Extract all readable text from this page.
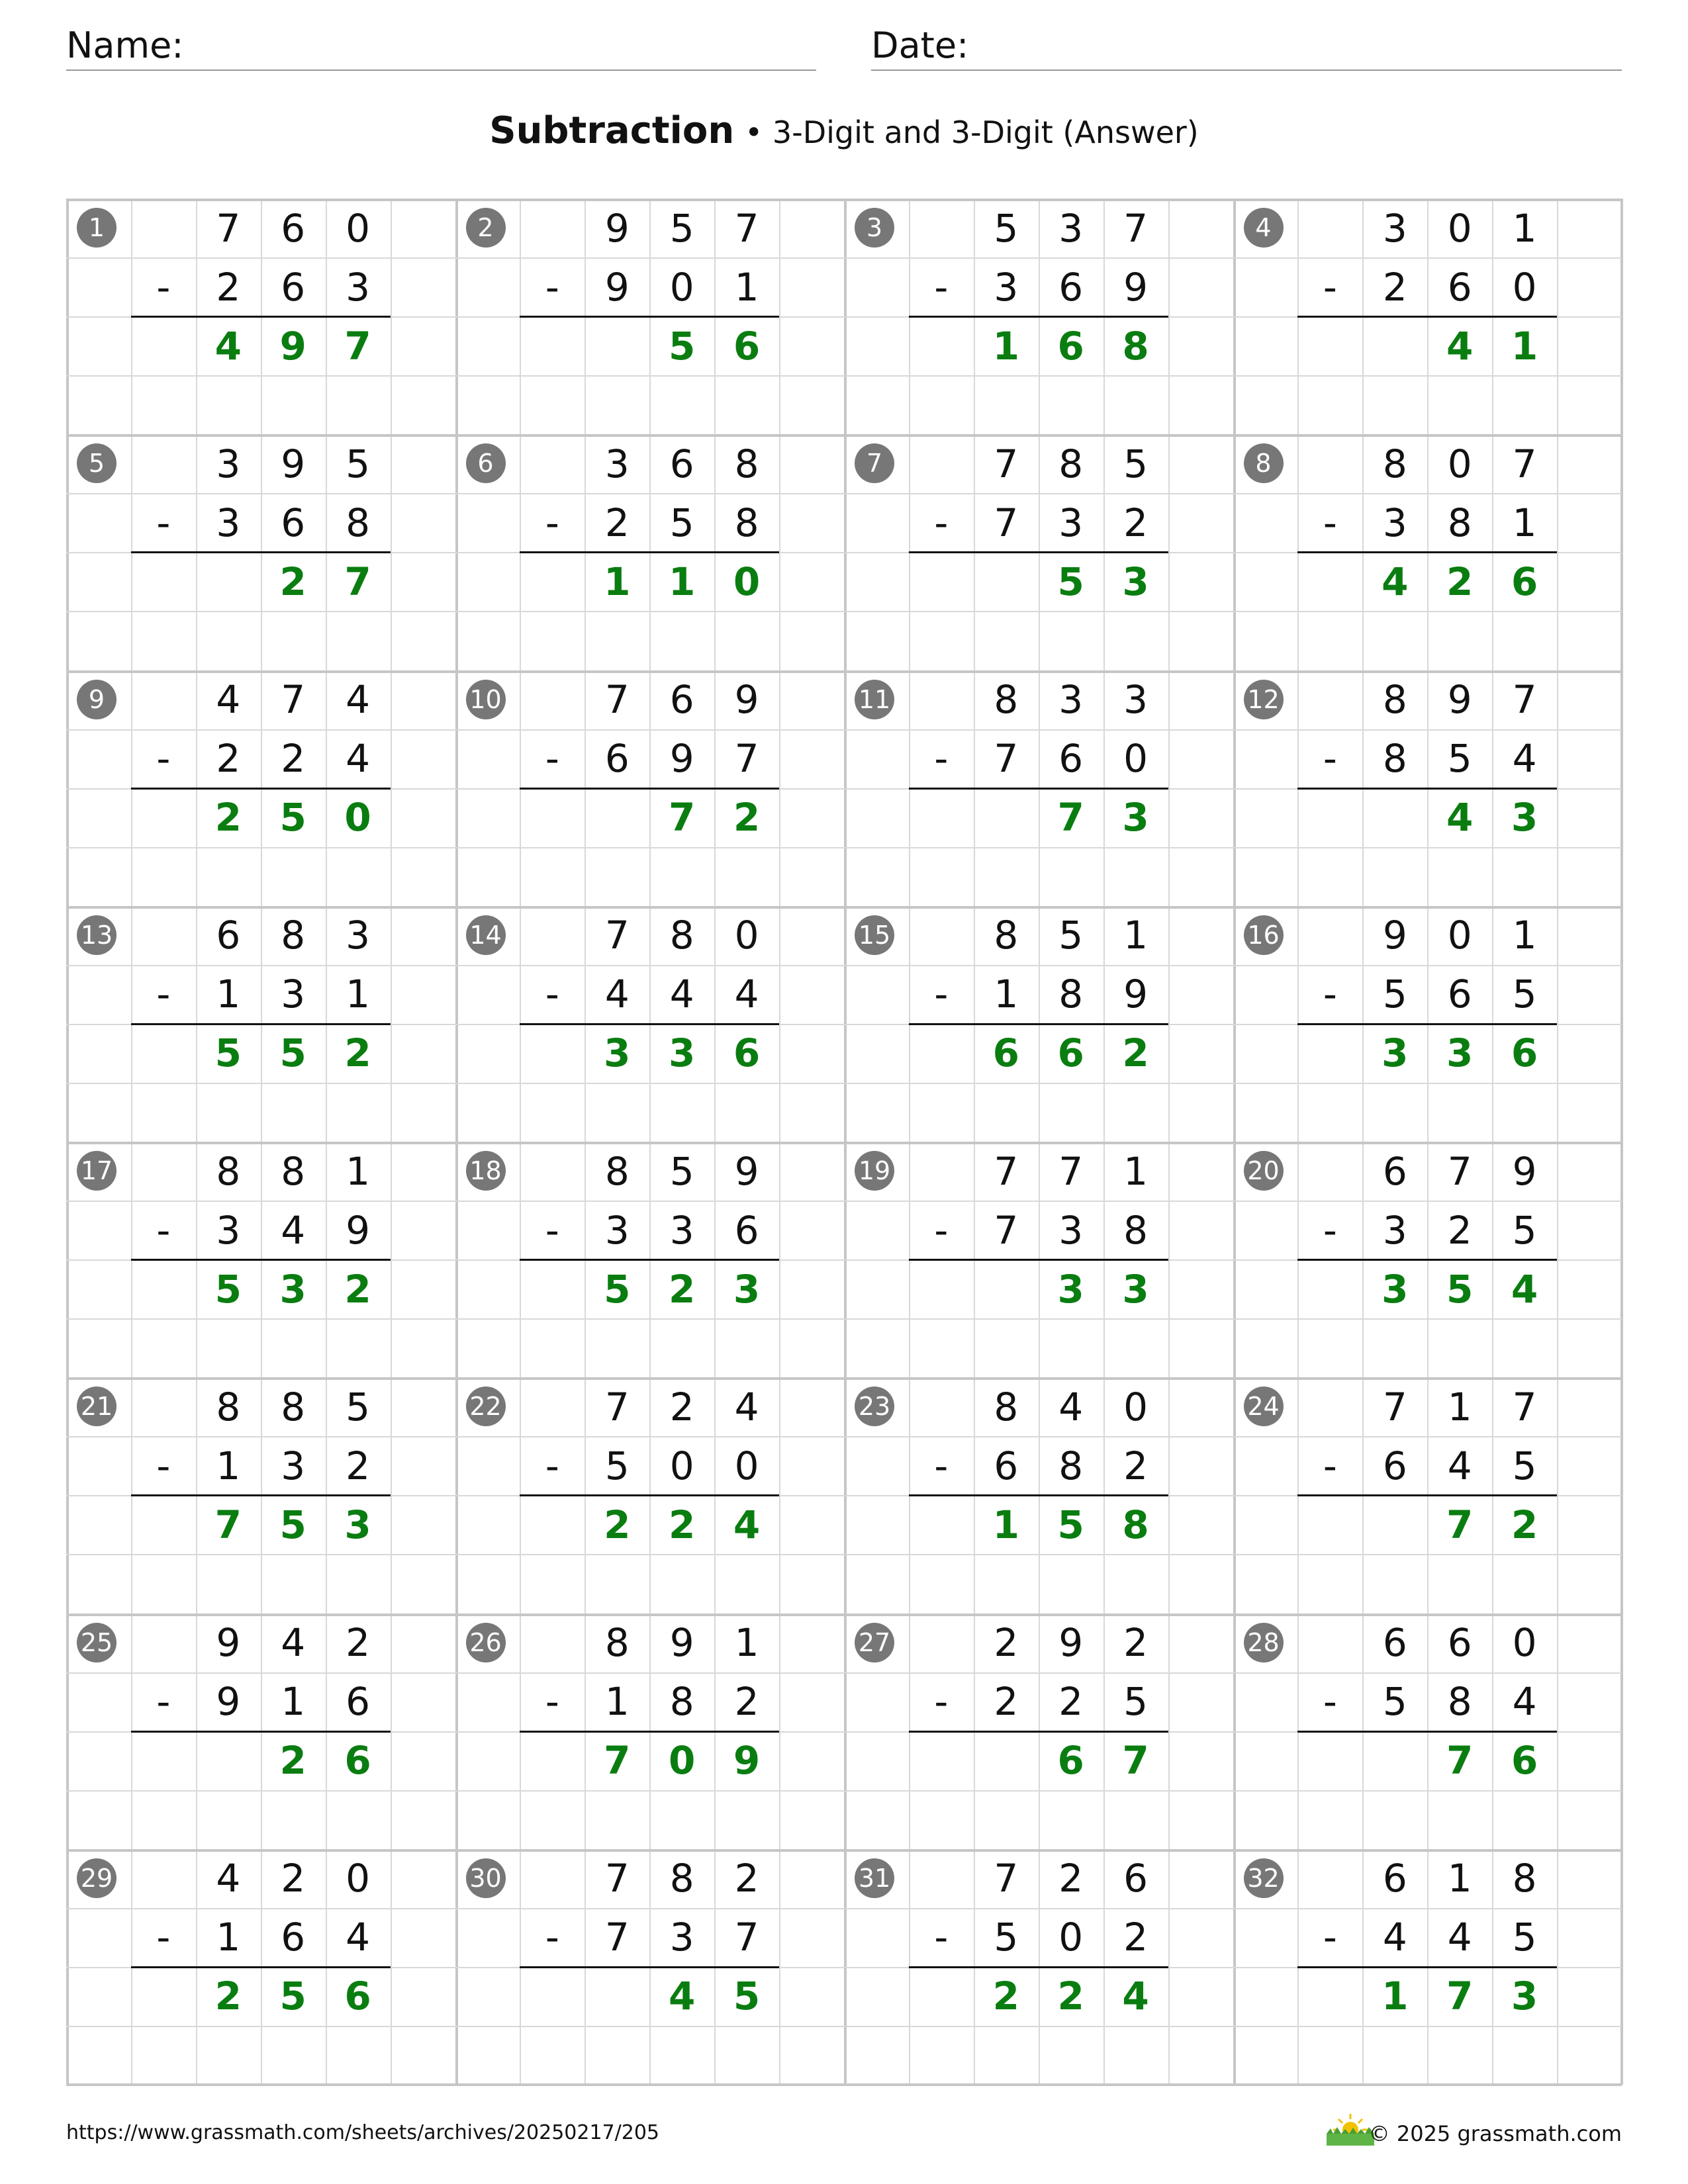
Name:	Date:
Subtraction • 3-Digit and 3-Digit (Answer)
1	7	6	0
-	2	6	3
4 9 7
2	9	5	7
-	9	0	1
5 6
3	5	3	7
-	3	6	9
1 6 8
4	3	0	1
-	2	6	0
4 1
5	3	9	5
-	3	6	8
2 7
6	3	6	8
-	2	5	8
1 1 0
7	7	8	5
-	7	3	2
5 3
8	8	0	7
-	3	8	1
4 2 6
9	4	7	4
-	2	2	4
2 5 0
10	7	6	9
-	6	9	7
7 2
11	8	3	3
-	7	6	0
7 3
12	8	9	7
-	8	5	4
4 3
13	6	8	3
-	1	3	1
5 5 2
14	7	8	0
-	4	4	4
3 3 6
15	8	5	1
-	1	8	9
6 6 2
16	9	0	1
-	5	6	5
3 3 6
17	8	8	1
-	3	4	9
5 3 2
18	8	5	9
-	3	3	6
5 2 3
19	7	7	1
-	7	3	8
3 3
20	6	7	9
-	3	2	5
3 5 4
21	8	8	5
-	1	3	2
7 5 3
22	7	2	4
-	5	0	0
2 2 4
23	8	4	0
-	6	8	2
1 5 8
24	7	1	7
-	6	4	5
7 2
25	9	4	2
-	9	1	6
2 6
26	8	9	1
-	1	8	2
7 0 9
27	2	9	2
-	2	2	5
6 7
28	6	6	0
-	5	8	4
7 6
29	4	2	0
-	1	6	4
2 5 6
30	7	8	2
-	7	3	7
4 5
31	7	2	6
-	5	0	2
2 2 4
32	6	1	8
-	4	4	5
1 7 3
https://www.grassmath.com/sheets/archives/20250217/205	© 2025 grassmath.com
